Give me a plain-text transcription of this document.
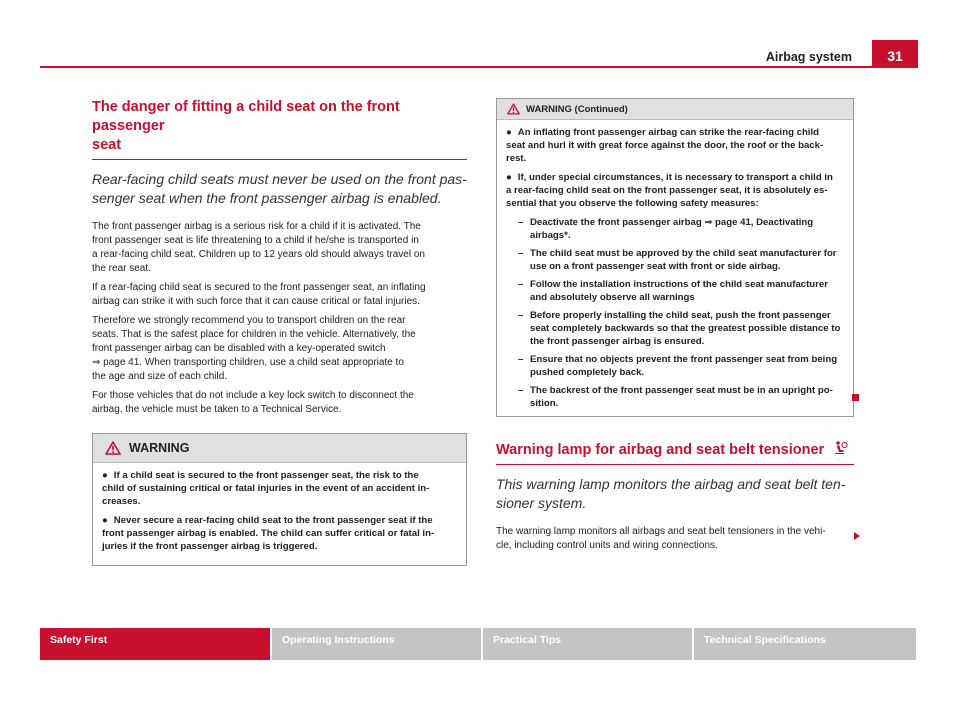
Airbag system	31
The danger of fitting a child seat on the front passenger
seat
Rear-facing child seats must never be used on the front pas-
senger seat when the front passenger airbag is enabled.

The front passenger airbag is a serious risk for a child if it is activated. The
front passenger seat is life threatening to a child if he/she is transported in
a rear-facing child seat. Children up to 12 years old should always travel on
the rear seat.

If a rear-facing child seat is secured to the front passenger seat, an inflating
airbag can strike it with such force that it can cause critical or fatal injuries.

Therefore we strongly recommend you to transport children on the rear
seats. That is the safest place for children in the vehicle. Alternatively, the
front passenger airbag can be disabled with a key-operated switch
⇒ page 41. When transporting children, use a child seat appropriate to
the age and size of each child.

For those vehicles that do not include a key lock switch to disconnect the
airbag, the vehicle must be taken to a Technical Service.

WARNING

● If a child seat is secured to the front passenger seat, the risk to the
child of sustaining critical or fatal injuries in the event of an accident in-
creases.

● Never secure a rear-facing child seat to the front passenger seat if the
front passenger airbag is enabled. The child can suffer critical or fatal in-
juries if the front passenger airbag is triggered.

WARNING (Continued)

● An inflating front passenger airbag can strike the rear-facing child
seat and hurl it with great force against the door, the roof or the back-
rest.

● If, under special circumstances, it is necessary to transport a child in
a rear-facing child seat on the front passenger seat, it is absolutely es-
sential that you observe the following safety measures:

– Deactivate the front passenger airbag ⇒ page 41, Deactivating
airbags*.

– The child seat must be approved by the child seat manufacturer for
use on a front passenger seat with front or side airbag.

– Follow the installation instructions of the child seat manufacturer
and absolutely observe all warnings

– Before properly installing the child seat, push the front passenger
seat completely backwards so that the greatest possible distance to
the front passenger airbag is ensured.

– Ensure that no objects prevent the front passenger seat from being
pushed completely back.

– The backrest of the front passenger seat must be in an upright po-
sition.

Warning lamp for airbag and seat belt tensioner
This warning lamp monitors the airbag and seat belt ten-
sioner system.

The warning lamp monitors all airbags and seat belt tensioners in the vehi-
cle, including control units and wiring connections.

Safety First	Operating Instructions	Practical Tips	Technical Specifications
